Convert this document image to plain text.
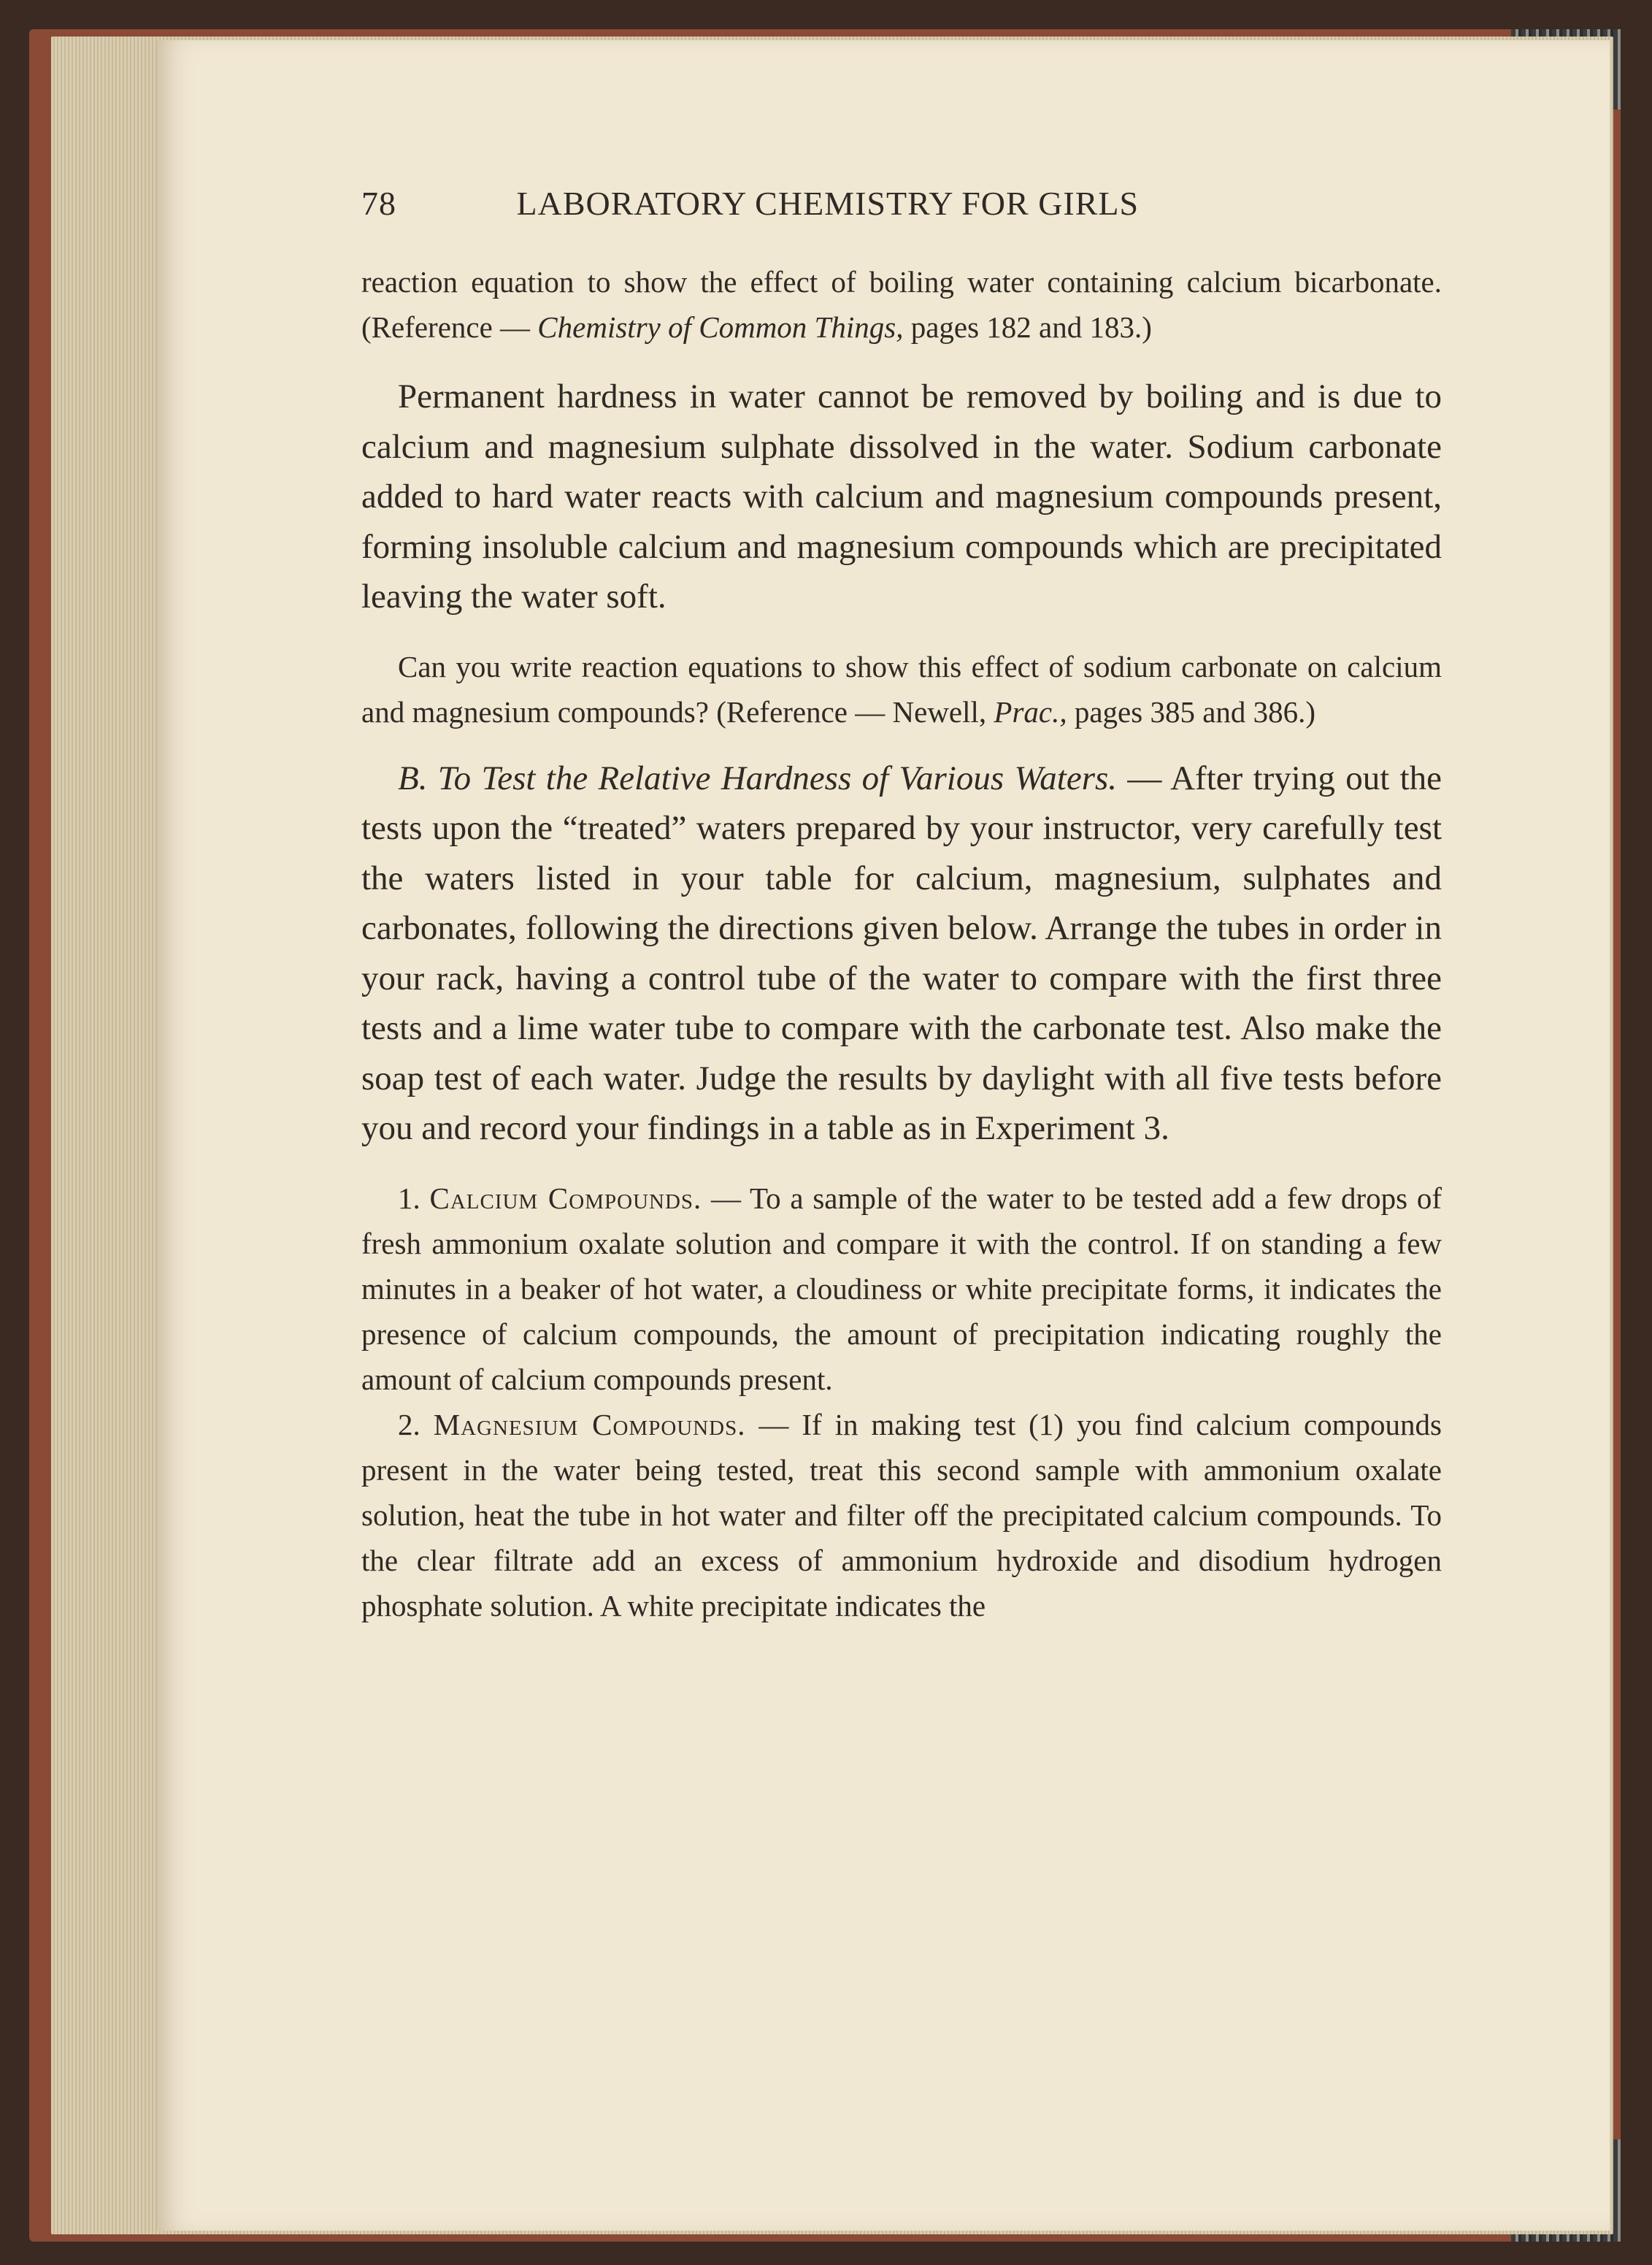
78	LABORATORY CHEMISTRY FOR GIRLS

reaction equation to show the effect of boiling water containing calcium bicarbonate. (Reference — Chemistry of Common Things, pages 182 and 183.)

Permanent hardness in water cannot be removed by boiling and is due to calcium and magnesium sulphate dissolved in the water. Sodium carbonate added to hard water reacts with calcium and magnesium compounds present, forming insoluble calcium and magnesium compounds which are precipitated leaving the water soft.

Can you write reaction equations to show this effect of sodium carbonate on calcium and magnesium compounds? (Reference — Newell, Prac., pages 385 and 386.)

B. To Test the Relative Hardness of Various Waters. — After trying out the tests upon the “treated” waters prepared by your instructor, very carefully test the waters listed in your table for calcium, magnesium, sulphates and carbonates, following the directions given below. Arrange the tubes in order in your rack, having a control tube of the water to compare with the first three tests and a lime water tube to compare with the carbonate test. Also make the soap test of each water. Judge the results by daylight with all five tests before you and record your findings in a table as in Experiment 3.

1. Calcium Compounds. — To a sample of the water to be tested add a few drops of fresh ammonium oxalate solution and compare it with the control. If on standing a few minutes in a beaker of hot water, a cloudiness or white precipitate forms, it indicates the presence of calcium compounds, the amount of precipitation indicating roughly the amount of calcium compounds present.

2. Magnesium Compounds. — If in making test (1) you find calcium compounds present in the water being tested, treat this second sample with ammonium oxalate solution, heat the tube in hot water and filter off the precipitated calcium compounds. To the clear filtrate add an excess of ammonium hydroxide and disodium hydrogen phosphate solution. A white precipitate indicates the
